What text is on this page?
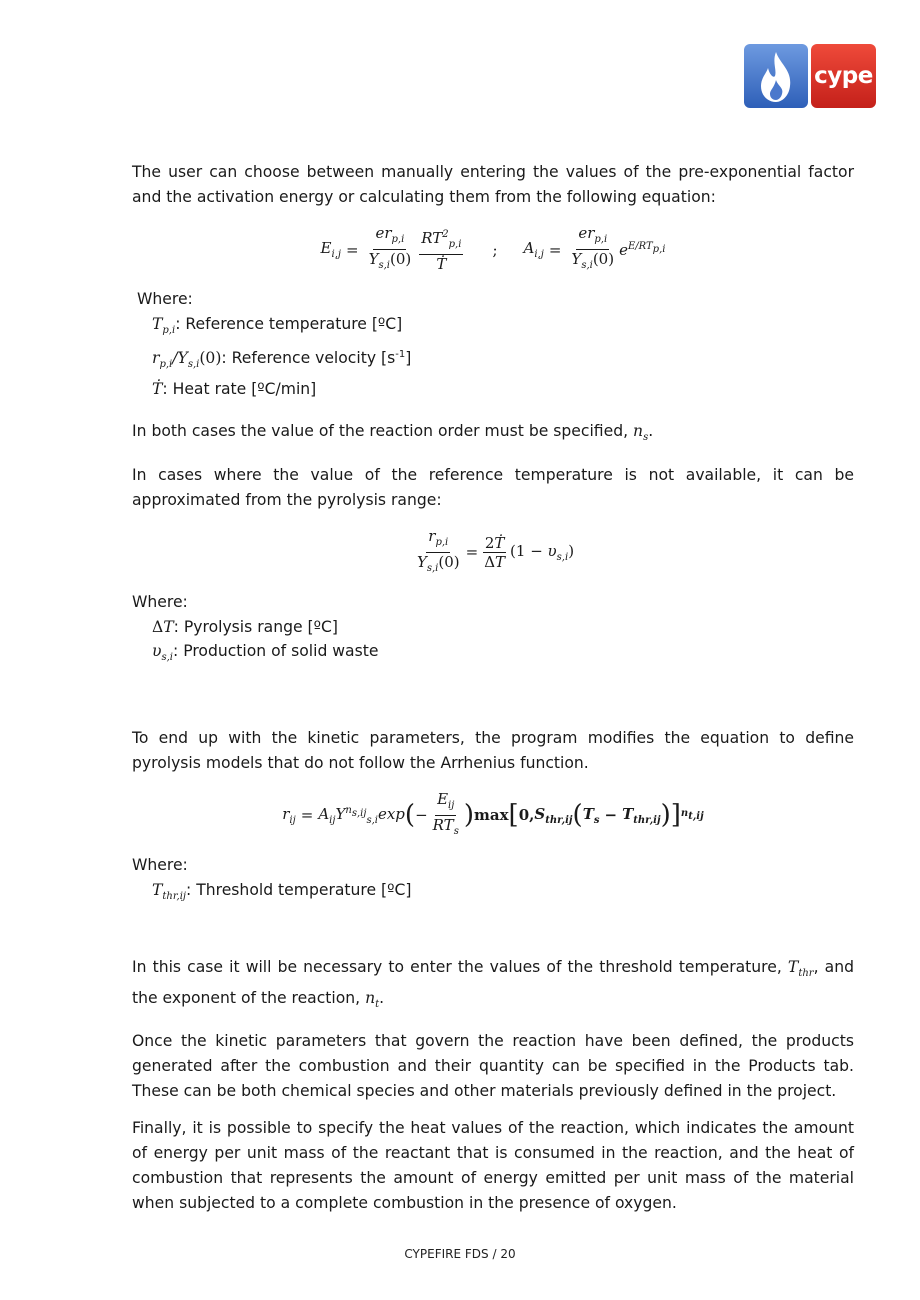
cype

The user can choose between manually entering the values of the pre-exponential factor and the activation energy or calculating them from the following equation:

$E_{i,j} = \frac{er_{p,i}}{Y_{s,i}(0)} \frac{RT^2_{p,i}}{\text{Ṫ}}$ ; $A_{i,j} = \frac{er_{p,i}}{Y_{s,i}(0)} e^{E/RT_{p,i}}$

Where:

$T_{p,i}$: Reference temperature [ºC]
$r_{p,i}/Y_{s,i}(0)$: Reference velocity $[s^{-1}]$
Ṫ: Heat rate [ºC/min]

In both cases the value of the reaction order must be specified, $n_s$.

In cases where the value of the reference temperature is not available, it can be approximated from the pyrolysis range:

$\frac{r_{p,i}}{Y_{s,i}(0)} = \frac{\text{2Ṫ}}{\Delta T} (1 - \upsilon_{s,i})$

Where:

ΔT: Pyrolysis range [ºC]
$\upsilon_{s,i}$: Production of solid waste

To end up with the kinetic parameters, the program modifies the equation to define pyrolysis models that do not follow the Arrhenius function.

$r_{ij} = A_{ij}Y^{n_{s,ij}}_{s,i}\exp$ ( − $\frac{E_{ij}}{RT_s}$ ) max [ 0, $S_{thr,ij}$ ( $T_s - T_{thr,ij}$ ) ] $n_{t,ij}$

Where:

$T_{thr,ij}$: Threshold temperature [ºC]

In this case it will be necessary to enter the values of the threshold temperature, $T_{thr}$, and the exponent of the reaction, $n_t$.

Once the kinetic parameters that govern the reaction have been defined, the products generated after the combustion and their quantity can be specified in the Products tab. These can be both chemical species and other materials previously defined in the project.

Finally, it is possible to specify the heat values of the reaction, which indicates the amount of energy per unit mass of the reactant that is consumed in the reaction, and the heat of combustion that represents the amount of energy emitted per unit mass of the material when subjected to a complete combustion in the presence of oxygen.

CYPEFIRE FDS / 20
